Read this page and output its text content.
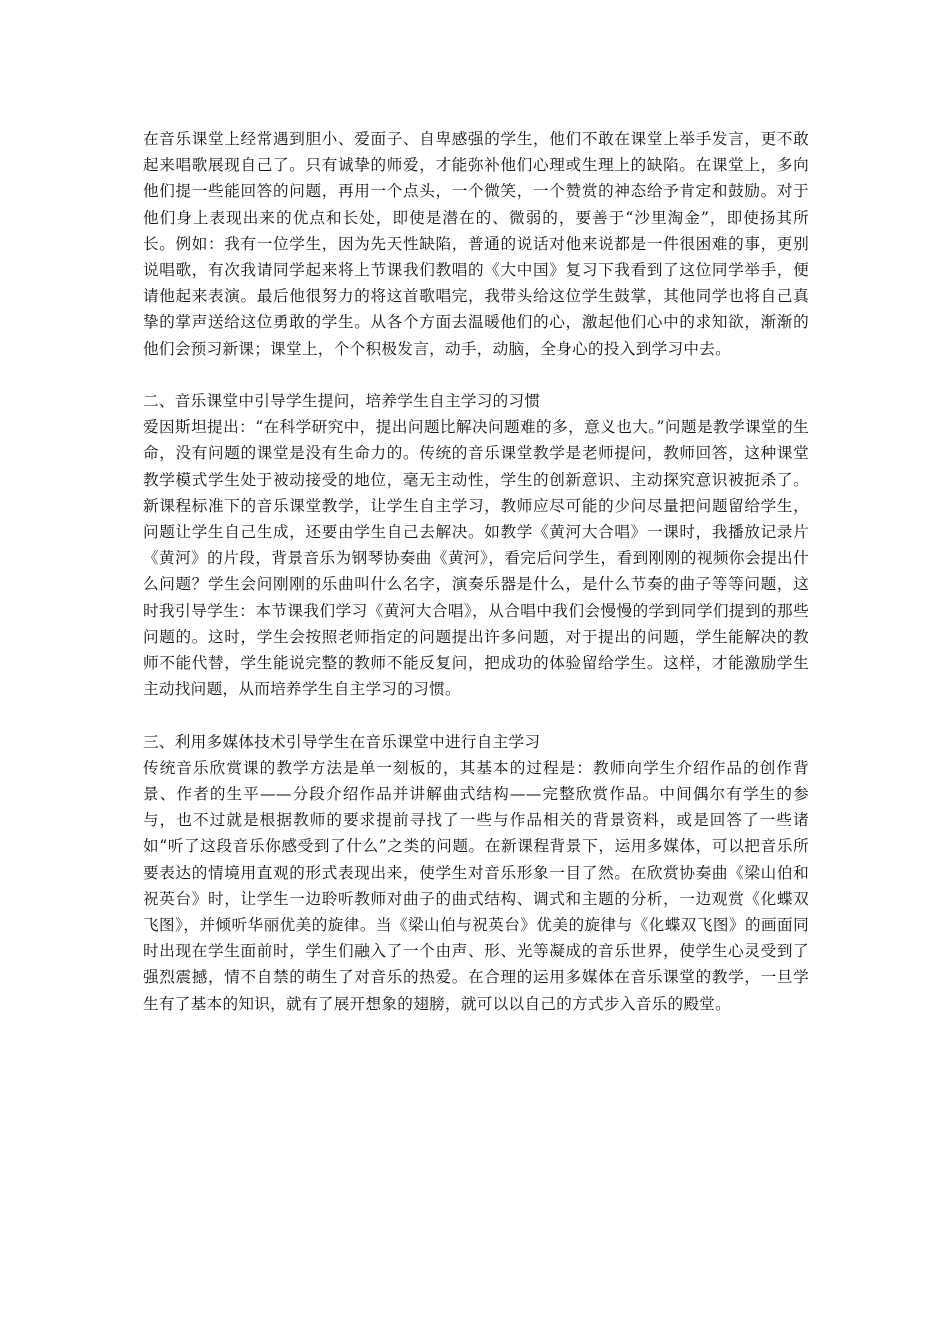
在音乐课堂上经常遇到胆小、爱面子、自卑感强的学生，他们不敢在课堂上举手发言，更不敢起来唱歌展现自己了。只有诚挚的师爱，才能弥补他们心理或生理上的缺陷。在课堂上，多向他们提一些能回答的问题，再用一个点头，一个微笑，一个赞赏的神态给予肯定和鼓励。对于他们身上表现出来的优点和长处，即使是潜在的、微弱的，要善于“沙里淘金”，即使扬其所长。例如：我有一位学生，因为先天性缺陷，普通的说话对他来说都是一件很困难的事，更别说唱歌，有次我请同学起来将上节课我们教唱的《大中国》复习下我看到了这位同学举手，便请他起来表演。最后他很努力的将这首歌唱完，我带头给这位学生鼓掌，其他同学也将自己真挚的掌声送给这位勇敢的学生。从各个方面去温暖他们的心，激起他们心中的求知欲，渐渐的他们会预习新课；课堂上，个个积极发言，动手，动脑，全身心的投入到学习中去。

二、音乐课堂中引导学生提问，培养学生自主学习的习惯

爱因斯坦提出：“在科学研究中，提出问题比解决问题难的多，意义也大。”问题是教学课堂的生命，没有问题的课堂是没有生命力的。传统的音乐课堂教学是老师提问，教师回答，这种课堂教学模式学生处于被动接受的地位，毫无主动性，学生的创新意识、主动探究意识被扼杀了。新课程标准下的音乐课堂教学，让学生自主学习，教师应尽可能的少问尽量把问题留给学生，问题让学生自己生成，还要由学生自己去解决。如教学《黄河大合唱》一课时，我播放记录片《黄河》的片段，背景音乐为钢琴协奏曲《黄河》，看完后问学生，看到刚刚的视频你会提出什么问题？学生会问刚刚的乐曲叫什么名字，演奏乐器是什么，是什么节奏的曲子等等问题，这时我引导学生：本节课我们学习《黄河大合唱》，从合唱中我们会慢慢的学到同学们提到的那些问题的。这时，学生会按照老师指定的问题提出许多问题，对于提出的问题，学生能解决的教师不能代替，学生能说完整的教师不能反复问，把成功的体验留给学生。这样，才能激励学生主动找问题，从而培养学生自主学习的习惯。

三、利用多媒体技术引导学生在音乐课堂中进行自主学习

传统音乐欣赏课的教学方法是单一刻板的，其基本的过程是：教师向学生介绍作品的创作背景、作者的生平——分段介绍作品并讲解曲式结构——完整欣赏作品。中间偶尔有学生的参与，也不过就是根据教师的要求提前寻找了一些与作品相关的背景资料，或是回答了一些诸如“听了这段音乐你感受到了什么”之类的问题。在新课程背景下，运用多媒体，可以把音乐所要表达的情境用直观的形式表现出来，使学生对音乐形象一目了然。在欣赏协奏曲《梁山伯和祝英台》时，让学生一边聆听教师对曲子的曲式结构、调式和主题的分析，一边观赏《化蝶双飞图》，并倾听华丽优美的旋律。当《梁山伯与祝英台》优美的旋律与《化蝶双飞图》的画面同时出现在学生面前时，学生们融入了一个由声、形、光等凝成的音乐世界，使学生心灵受到了强烈震撼，情不自禁的萌生了对音乐的热爱。在合理的运用多媒体在音乐课堂的教学，一旦学生有了基本的知识，就有了展开想象的翅膀，就可以以自己的方式步入音乐的殿堂。
